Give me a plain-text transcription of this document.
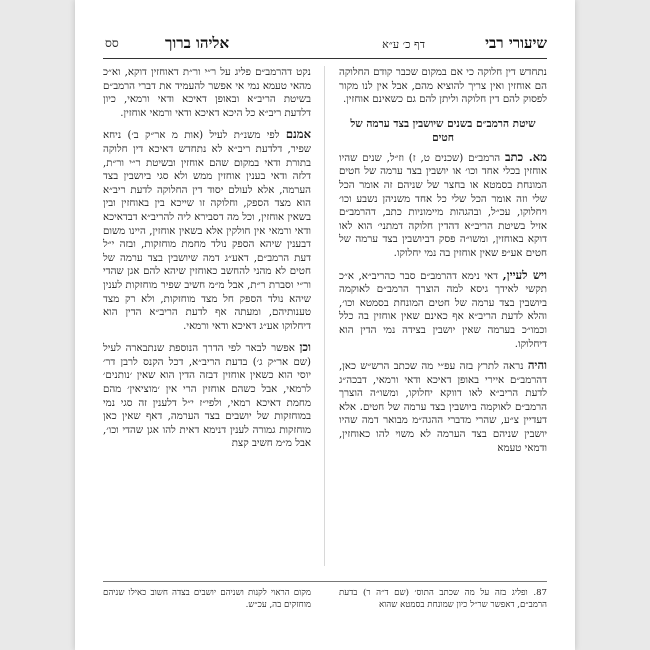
שיעורי רבי
דף כ׳ ע״א
אליהו ברוך
סס

נתחדש דין חלוקה כי אם במקום שכבר קודם החלוקה הם אוחזין ואין צריך להוציא מהם, אבל אין לנו מקור לפסוק להם דין חלוקה וליתן להם גם כשאינם אוחזין.

שיטת הרמב״ם בשנים שיושבין בצד ערמה של חטים

מא. כתב הרמב״ם (שכנים ט, ז) וז״ל, שנים שהיו אוחזין בכלי אחד וכו׳ או יושבין בצד ערמה של חטים המונחת בסמטא או בחצר של שניהם זה אומר הכל שלי וזה אומר הכל שלי כל אחד משניהן נשבע וכו׳ ויחלוקו, עכ״ל, ובהגהות מיימוניות כתב, דהרמב״ם אזיל בשיטת הריב״א דהדין חלוקה דמתני׳ הוא לאו דוקא באוחזין, ומשו״ה פסק דביושבין בצד ערמה של חטים אע״פ שאין אוחזין בה נמי יחלוקו.

ויש לעיין, דאי נימא דהרמב״ם סבר כהריב״א, א״כ תקשי לאידך גיסא למה הוצרך הרמב״ם לאוקמה ביושבין בצד ערמה של חטים המונחת בסמטא וכו׳, והלא לדעת הריב״א אף כאינם שאין אוחזין בה כלל וכמו״כ בערמה שאין יושבין בצידה נמי הדין הוא דיחלוקו.

והיה נראה לתרץ בזה עפ״י מה שכתב הרש״ש כאן, דהרמב״ם איירי באופן דאיכא ודאי ורמאי, דבכה״ג לדעת הריב״א לאו דווקא יחלוקו, ומשו״ה הוצרך הרמב״ם לאוקמה ביושבין בצד ערמה של חטים. אלא דעדיין צ״ע, שהרי מדברי ההגה״מ מבואר דמה שהיו יושבין שניהם בצד הערמה לא משוי להו כאוחזין, ודמאי טעמא

נקט דהרמב״ם פליג על ר״י ור״ת דאוחזין דוקא, וא״כ מהאי טעמא נמי אי אפשר להעמיד את דברי הרמב״ם בשיטת הריב״א ובאופן דאיכא ודאי ורמאי, כיון דלדעת ריב״א כל היכא דאיכא ודאי ורמאי אוחזין.

אמנם לפי משנ״ת לעיל (אות מ אר״ק ב׳) ניחא שפיר, דלדעת ריב״א לא נתחדש דאיכא דין חלוקה בתורת ודאי במקום שהם אוחזין ובשיטת ר״י ור״ת, דלזה ודאי בענין אוחזין ממש ולא סגי ביושבין בצד הערמה, אלא לעולם יסוד דין החלוקה לדעת ריב״א הוא מצד הספק, וחלוקה זו שייכא בין באוחזין ובין בשאין אוחזין, וכל מה דסבירא ליה להריב״א דבדאיכא ודאי ורמאי אין חולקין אלא בשאין אוחזין, היינו משום דבענין שיהא הספק נולד מחמת מוחזקות, ובזה י״ל דעת הרמב״ם, דאע״ג דמה שיושבין בצד ערמה של חטים לא מהני להחשב כאוחזין שיהא להם אגן שהדי ור״י וסברת ר״ת, אבל מ״מ חשיב שפיר מוחזקות לענין שיהא נולד הספק חל מצד מוחזקות, ולא רק מצד טענותיהם, ומעתה אף לדעת הריב״א הדין הוא דיחלוקו אע״ג דאיכא ודאי ורמאי.

וכן אפשר לבאר לפי הדרך הנוספת שנתבארה לעיל (שם אר״ק ג׳) בדעת הריב״א, דכל הקנס לרבן דר׳ יוסי הוא כשאין אוחזין דבזה הדין הוא שאין ׳נותנים׳ לרמאי, אבל כשהם אוחזין הרי אין ׳מוציאין׳ מהם מחמת דאיכא רמאי, ולפי״ז י״ל דלענין זה סגי נמי במוחזקות של יושבים בצד הערמה, דאף שאין כאן מוחזקות גמורה לענין דנימא דאית להו אגן שהדי וכו׳, אבל מ״מ חשיב קצת

87. ופליג בזה על מה שכתב התוס׳ (שם ד״ה ר) בדעת הרמב״ם, דאפשר שר״ל כיון שמונחת בסמטא שהוא
מקום הראוי לקנות ושניהם יושבים בצדה חשוב כאילו שניהם מוחזקים בה, עכ״ש.
